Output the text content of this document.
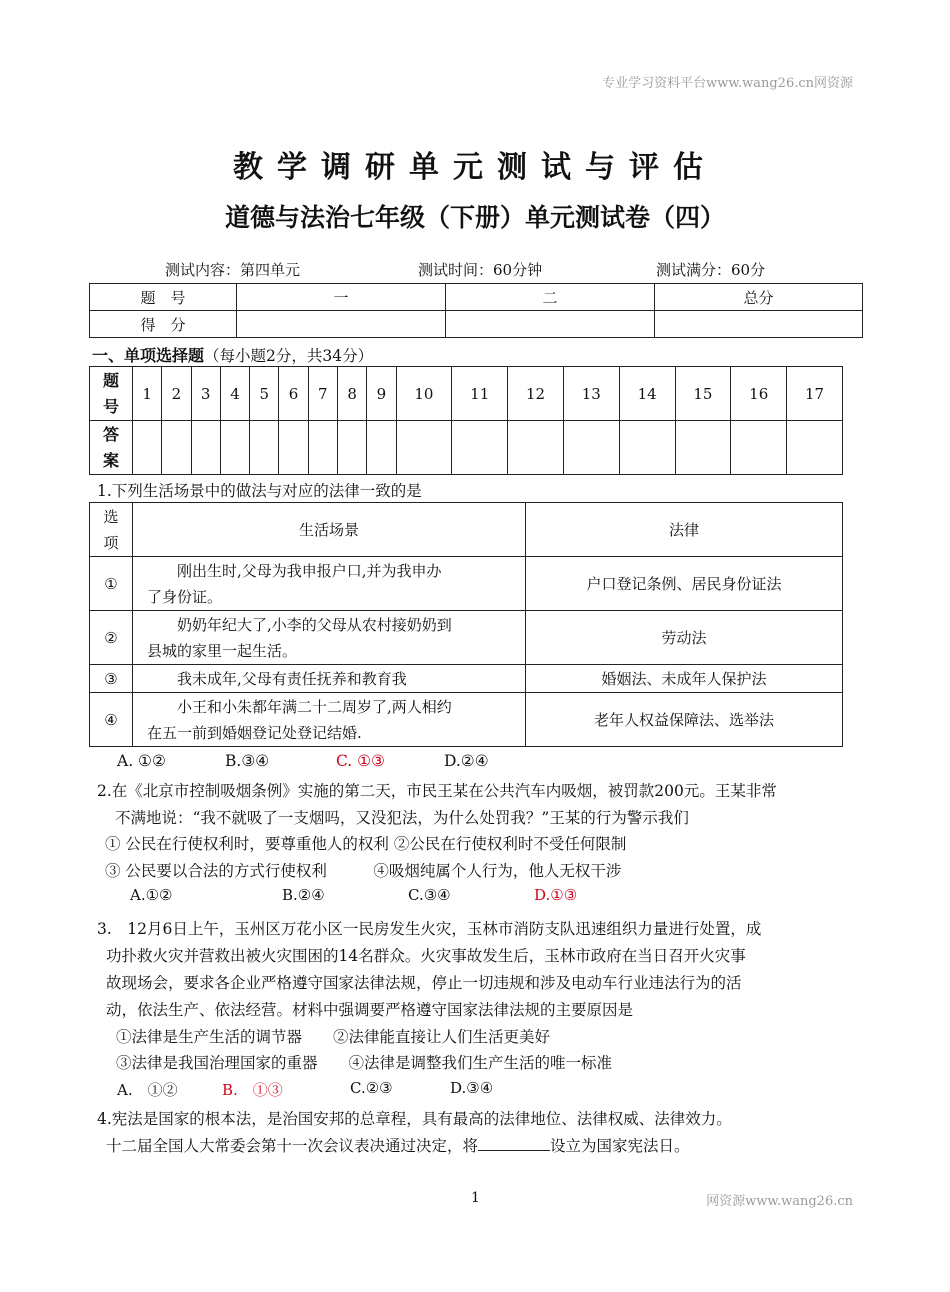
专业学习资料平台www.wang26.cn网资源
教学调研单元测试与评估
道德与法治七年级（下册）单元测试卷（四）
测试内容：第四单元	测试时间：60分钟	测试满分：60分
题　号	一	二	总分
得　分			
一、单项选择题（每小题2分，共34分）
题
号	1	2	3	4	5	6	7	8	9	10	11	12	13	14	15	16	17

答
案																	

1.下列生活场景中的做法与对应的法律一致的是
选
项	生活场景	法律
①	　　刚出生时,父母为我申报户口,并为我申办
了身份证。	户口登记条例、居民身份证法
②	　　奶奶年纪大了,小李的父母从农村接奶奶到
县城的家里一起生活。	劳动法
③	　　我未成年,父母有责任抚养和教育我	婚姻法、未成年人保护法
④	　　小王和小朱都年满二十二周岁了,两人相约
在五一前到婚姻登记处登记结婚.	老年人权益保障法、选举法
A. ①②	B.③④	C. ①③	D.②④
2.在《北京市控制吸烟条例》实施的第二天，市民王某在公共汽车内吸烟，被罚款200元。王某非常
不满地说：“我不就吸了一支烟吗，又没犯法，为什么处罚我？”王某的行为警示我们
① 公民在行使权利时，要尊重他人的权利 ②公民在行使权利时不受任何限制
③ 公民要以合法的方式行使权利　　　④吸烟纯属个人行为，他人无权干涉
A.①②	B.②④	C.③④	D.①③
3.　12月6日上午，玉州区万花小区一民房发生火灾，玉林市消防支队迅速组织力量进行处置，成
功扑救火灾并营救出被火灾围困的14名群众。火灾事故发生后，玉林市政府在当日召开火灾事
故现场会，要求各企业严格遵守国家法律法规，停止一切违规和涉及电动车行业违法行为的活
动，依法生产、依法经营。材料中强调要严格遵守国家法律法规的主要原因是
①法律是生产生活的调节器　　②法律能直接让人们生活更美好
③法律是我国治理国家的重器　　④法律是调整我们生产生活的唯一标准
A.　①②	B.　①③	C.②③	D.③④
4.宪法是国家的根本法，是治国安邦的总章程，具有最高的法律地位、法律权威、法律效力。
十二届全国人大常委会第十一次会议表决通过决定，将	设立为国家宪法日。
1	网资源www.wang26.cn
